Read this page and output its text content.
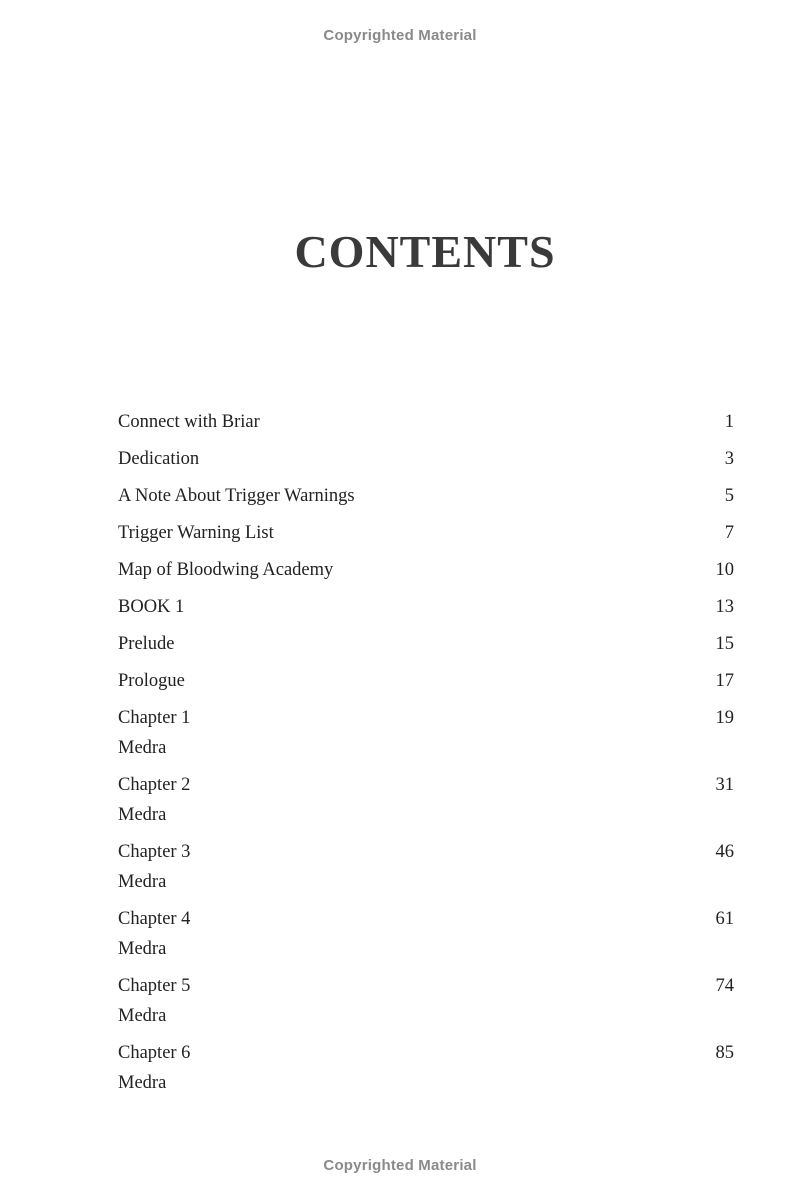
Copyrighted Material
contents
Connect with Briar	1
Dedication	3
A Note About Trigger Warnings	5
Trigger Warning List	7
Map of Bloodwing Academy	10
BOOK 1	13
Prelude	15
Prologue	17
Chapter 1	19
Medra
Chapter 2	31
Medra
Chapter 3	46
Medra
Chapter 4	61
Medra
Chapter 5	74
Medra
Chapter 6	85
Medra
Copyrighted Material
